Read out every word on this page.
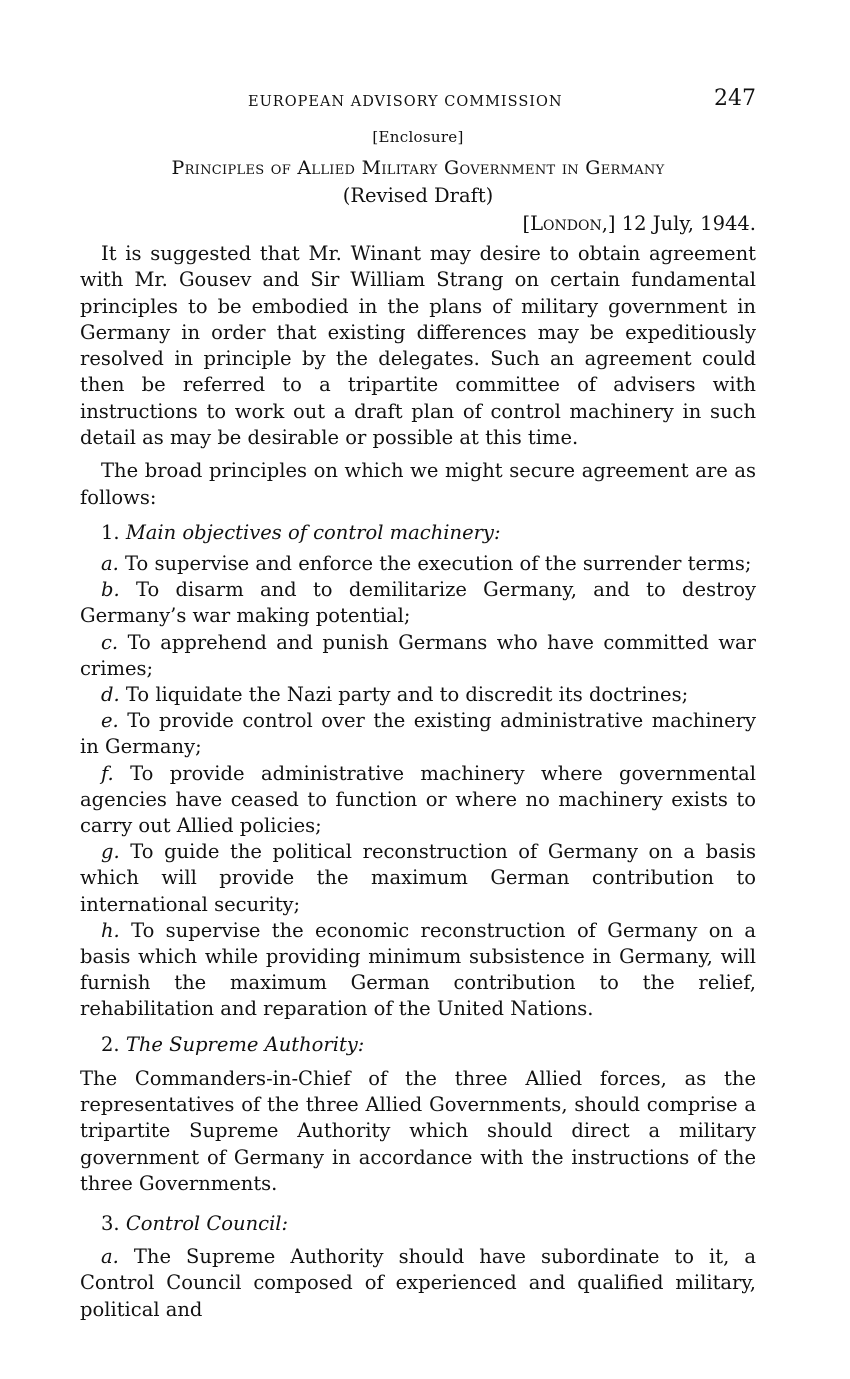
EUROPEAN ADVISORY COMMISSION	247
[Enclosure]
Principles of Allied Military Government in Germany
(Revised Draft)
[London,] 12 July, 1944.

It is suggested that Mr. Winant may desire to obtain agreement with Mr. Gousev and Sir William Strang on certain fundamental principles to be embodied in the plans of military government in Germany in order that existing differences may be expeditiously resolved in principle by the delegates. Such an agreement could then be referred to a tripartite committee of advisers with instructions to work out a draft plan of control machinery in such detail as may be desirable or possible at this time.

The broad principles on which we might secure agreement are as follows:

1. Main objectives of control machinery:

a. To supervise and enforce the execution of the surrender terms;

b. To disarm and to demilitarize Germany, and to destroy Germany’s war making potential;

c. To apprehend and punish Germans who have committed war crimes;

d. To liquidate the Nazi party and to discredit its doctrines;

e. To provide control over the existing administrative machinery in Germany;

f. To provide administrative machinery where governmental agencies have ceased to function or where no machinery exists to carry out Allied policies;

g. To guide the political reconstruction of Germany on a basis which will provide the maximum German contribution to international security;

h. To supervise the economic reconstruction of Germany on a basis which while providing minimum subsistence in Germany, will furnish the maximum German contribution to the relief, rehabilitation and reparation of the United Nations.

2. The Supreme Authority:

The Commanders-in-Chief of the three Allied forces, as the representatives of the three Allied Governments, should comprise a tripartite Supreme Authority which should direct a military government of Germany in accordance with the instructions of the three Governments.

3. Control Council:

a. The Supreme Authority should have subordinate to it, a Control Council composed of experienced and qualified military, political and
